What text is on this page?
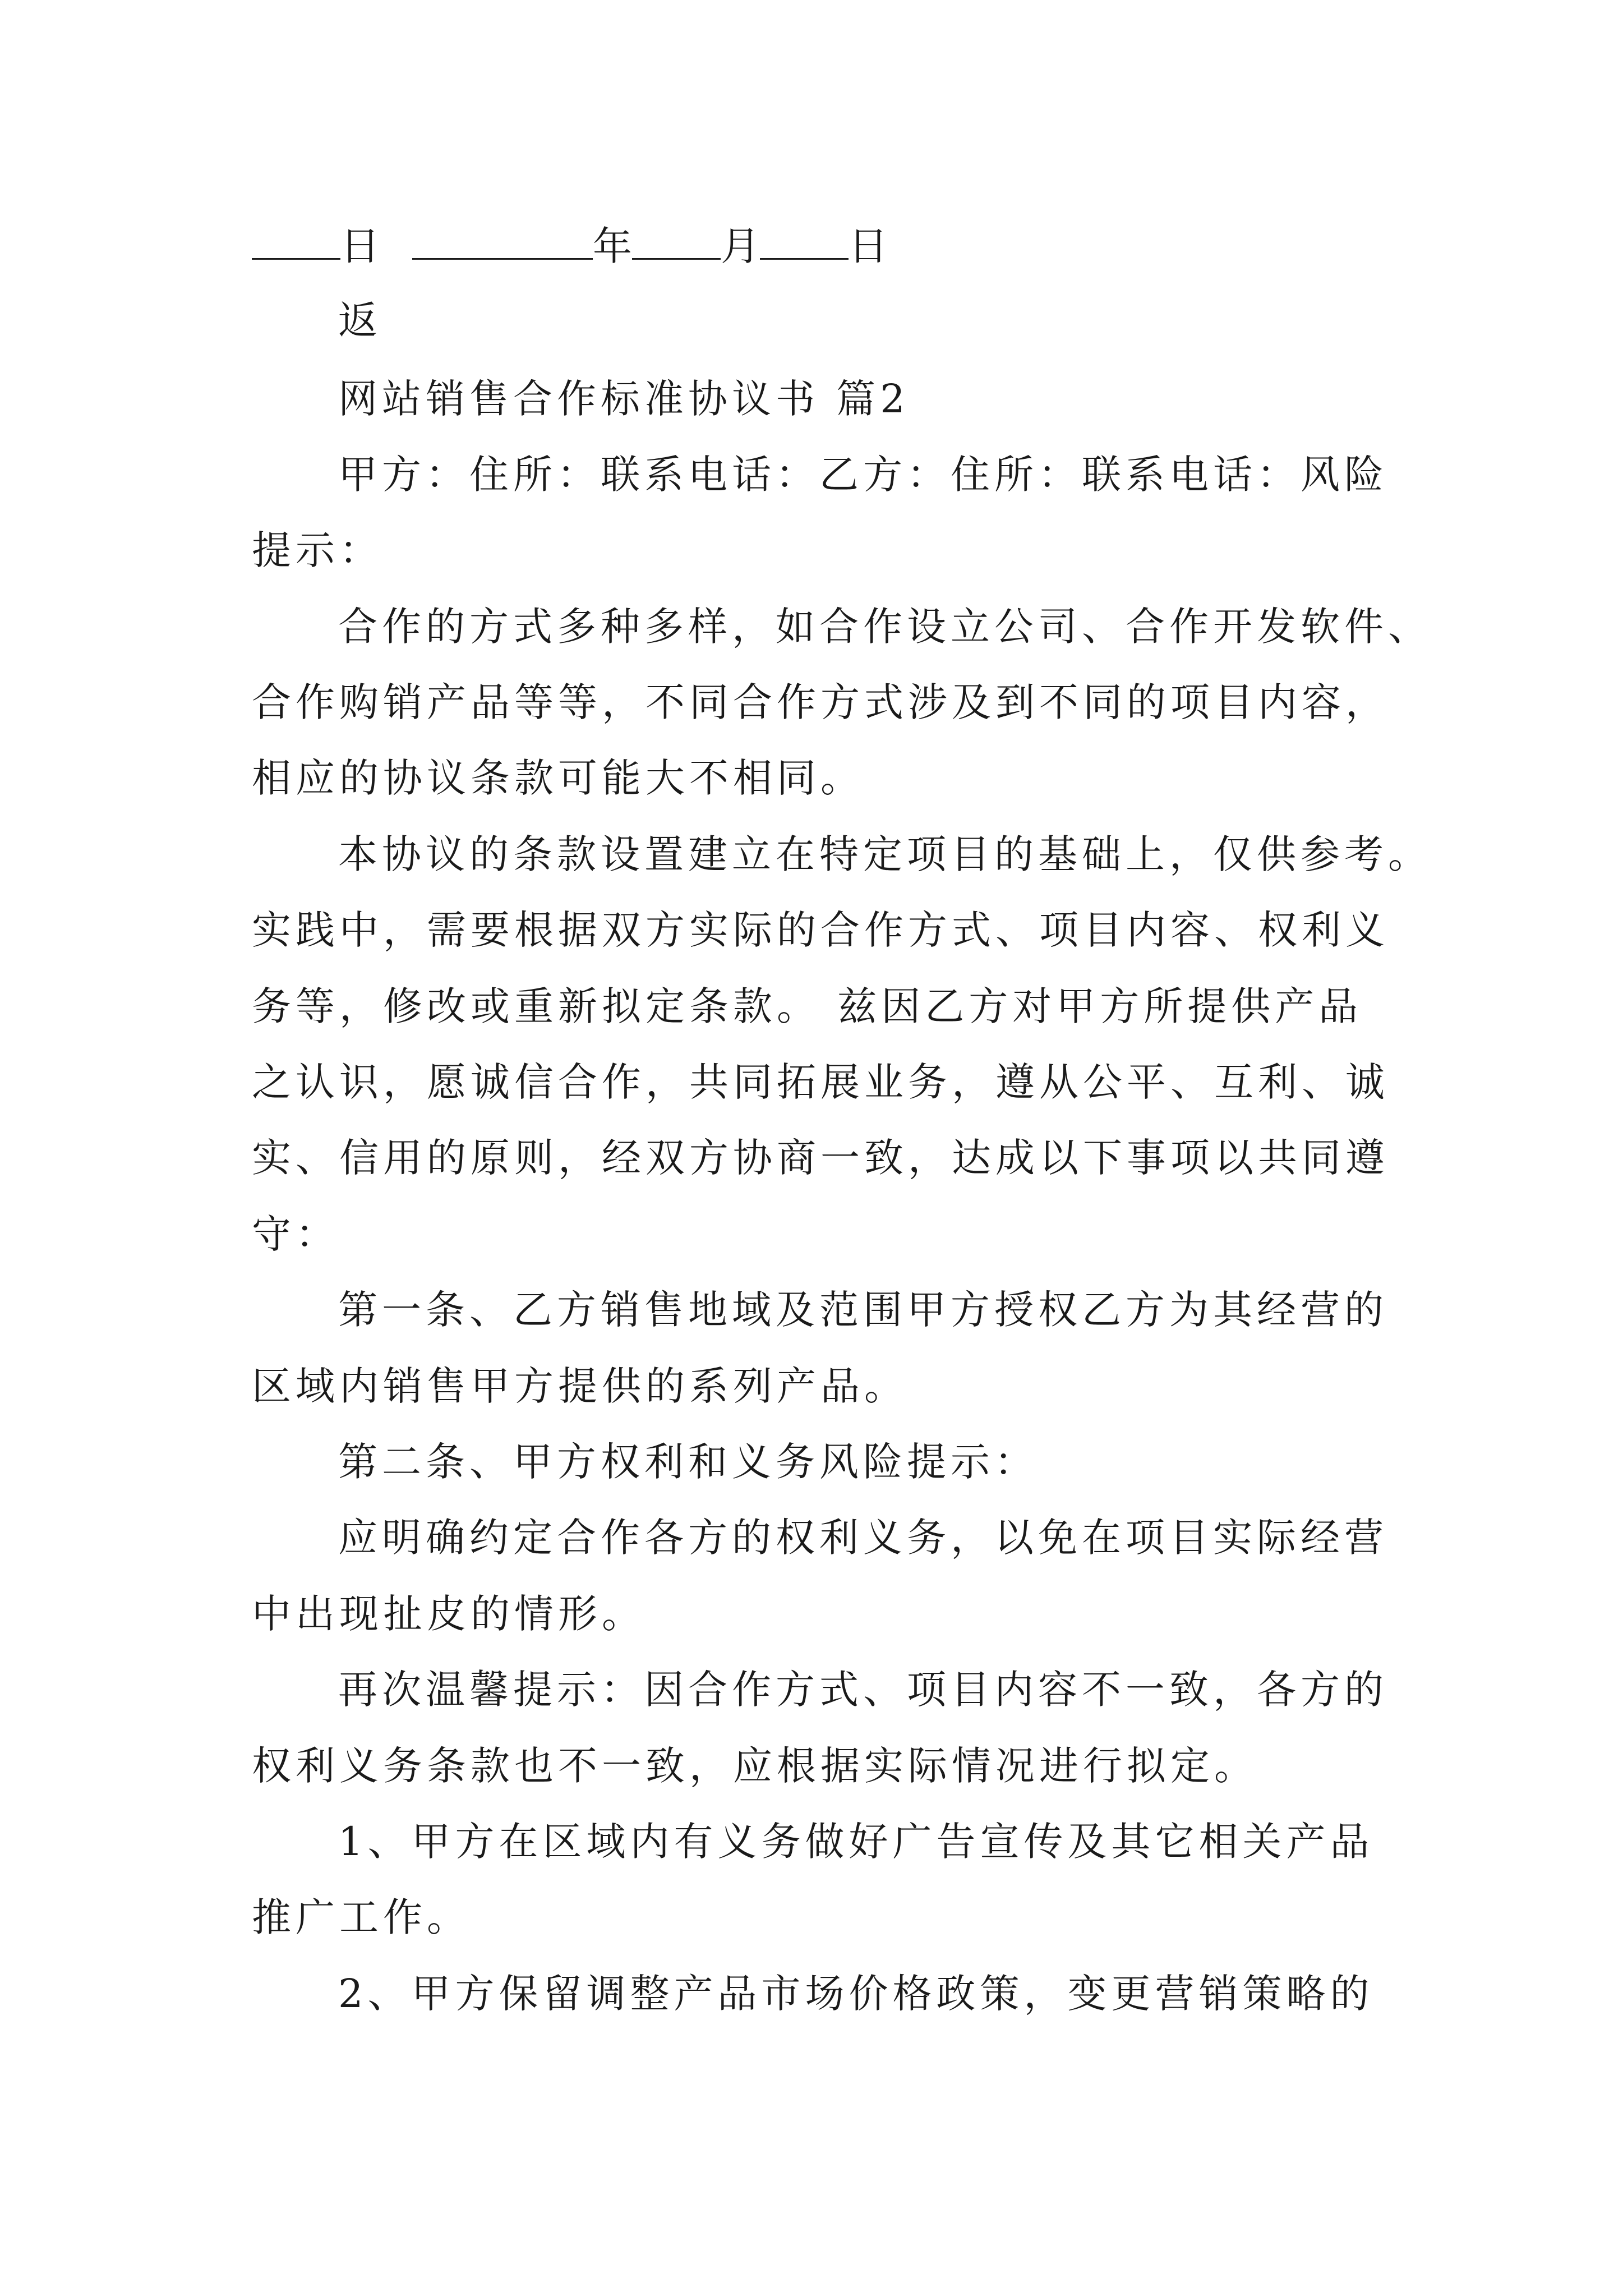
日	年 月 日
返
网站销售合作标准协议书 篇2
甲方：住所：联系电话：乙方：住所：联系电话：风险
提示：
合作的方式多种多样，如合作设立公司、合作开发软件、
合作购销产品等等，不同合作方式涉及到不同的项目内容，
相应的协议条款可能大不相同。
本协议的条款设置建立在特定项目的基础上，仅供参考。
实践中，需要根据双方实际的合作方式、项目内容、权利义
务等，修改或重新拟定条款。 兹因乙方对甲方所提供产品
之认识，愿诚信合作，共同拓展业务，遵从公平、互利、诚
实、信用的原则，经双方协商一致，达成以下事项以共同遵
守：
第一条、乙方销售地域及范围甲方授权乙方为其经营的
区域内销售甲方提供的系列产品。
第二条、甲方权利和义务风险提示：
应明确约定合作各方的权利义务，以免在项目实际经营
中出现扯皮的情形。
再次温馨提示：因合作方式、项目内容不一致，各方的
权利义务条款也不一致，应根据实际情况进行拟定。
1、甲方在区域内有义务做好广告宣传及其它相关产品
推广工作。
2、甲方保留调整产品市场价格政策，变更营销策略的
